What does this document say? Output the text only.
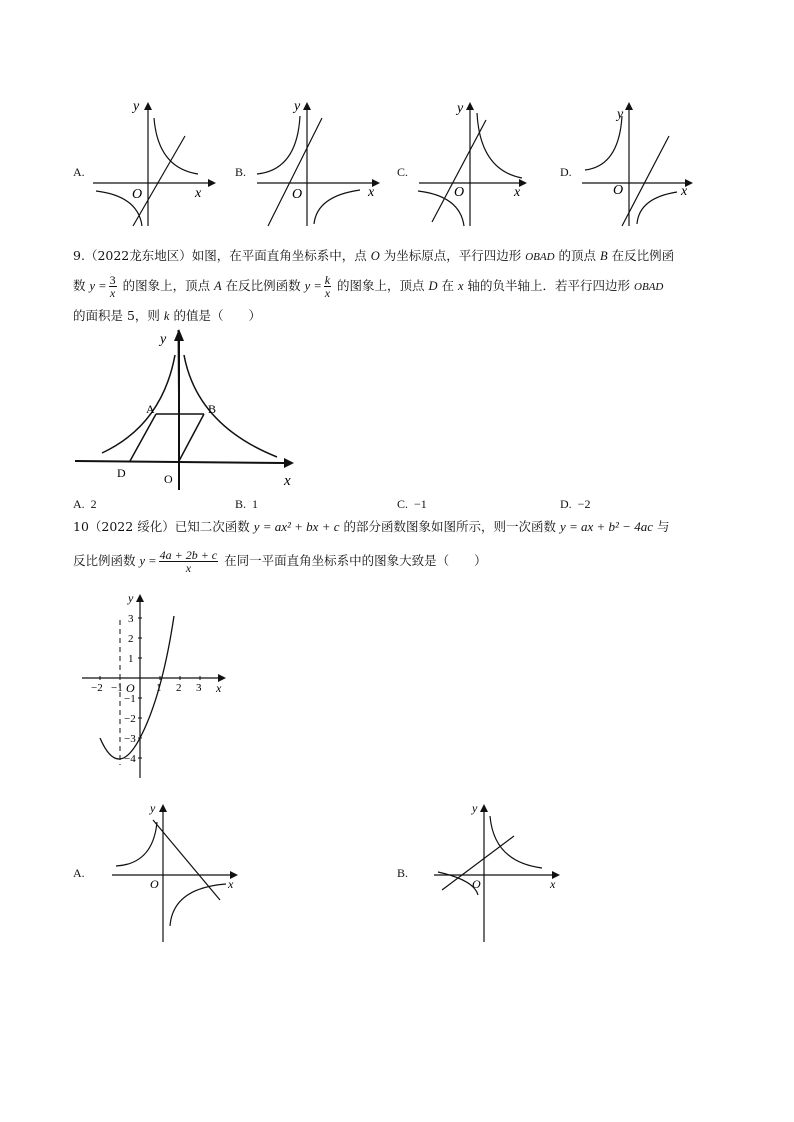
A.
y
O	x
B.
y
O	x
C.
y
O	x
D.
y
O	x
9.（2022龙东地区）如图，在平面直角坐标系中，点 O 为坐标原点，平行四边形 OBAD 的顶点 B 在反比例函
数 $y = \frac{3}{x}$ 的图象上，顶点 A 在反比例函数 $y = \frac{k}{x}$ 的图象上，顶点 D 在 x 轴的负半轴上．若平行四边形 OBAD
的面积是 5，则 k 的值是（　　）
y
A	B
D	O	x
A. 2	B. 1	C. −1	D. −2
10（2022 绥化）已知二次函数 y = ax² + bx + c 的部分函数图象如图所示，则一次函数 y = ax + b² − 4ac 与
反比例函数 $y = \frac{4a + 2b + c}{x}$ 在同一平面直角坐标系中的图象大致是（　　）
y
x
O
−2 −1	1 2 3
3
2
1
−1
−2
−3
−4
A.
y
O	x
B.
y
O	x
